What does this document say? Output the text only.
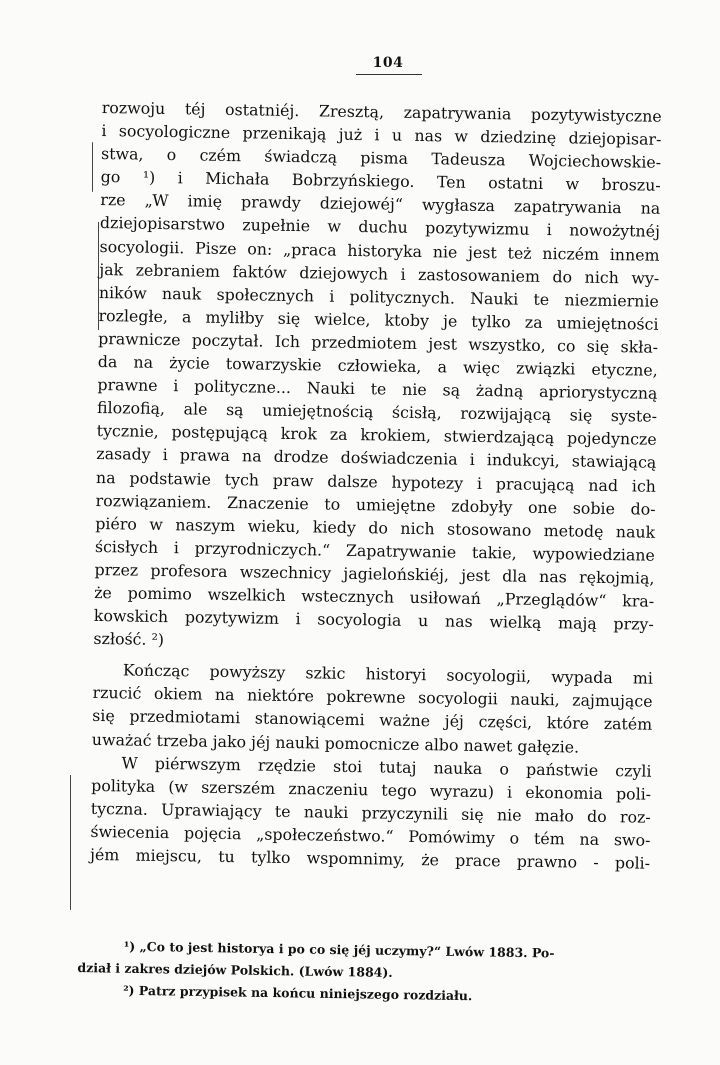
104
rozwoju téj ostatniéj. Zresztą, zapatrywania pozytywistyczne
i socyologiczne przenikają już i u nas w dziedzinę dziejopisar-
stwa, o czém świadczą pisma Tadeusza Wojciechowskie-
go ¹) i Michała Bobrzyńskiego. Ten ostatni w broszu-
rze „W imię prawdy dziejowéj“ wygłasza zapatrywania na
dziejopisarstwo zupełnie w duchu pozytywizmu i nowożytnéj
socyologii. Pisze on: „praca historyka nie jest też niczém innem
jak zebraniem faktów dziejowych i zastosowaniem do nich wy-
ników nauk społecznych i politycznych. Nauki te niezmiernie
rozległe, a myliłby się wielce, ktoby je tylko za umiejętności
prawnicze poczytał. Ich przedmiotem jest wszystko, co się skła-
da na życie towarzyskie człowieka, a więc związki etyczne,
prawne i polityczne... Nauki te nie są żadną apriorystyczną
filozofią, ale są umiejętnością ścisłą, rozwijającą się syste-
tycznie, postępującą krok za krokiem, stwierdzającą pojedyncze
zasady i prawa na drodze doświadczenia i indukcyi, stawiającą
na podstawie tych praw dalsze hypotezy i pracującą nad ich
rozwiązaniem. Znaczenie to umiejętne zdobyły one sobie do-
piéro w naszym wieku, kiedy do nich stosowano metodę nauk
ścisłych i przyrodniczych.“ Zapatrywanie takie, wypowiedziane
przez profesora wszechnicy jagielońskiéj, jest dla nas rękojmią,
że pomimo wszelkich wstecznych usiłowań „Przeglądów“ kra-
kowskich pozytywizm i socyologia u nas wielką mają przy-
szłość. ²)
Kończąc powyższy szkic historyi socyologii, wypada mi
rzucić okiem na niektóre pokrewne socyologii nauki, zajmujące
się przedmiotami stanowiącemi ważne jéj części, które zatém
uważać trzeba jako jéj nauki pomocnicze albo nawet gałęzie.
W piérwszym rzędzie stoi tutaj nauka o państwie czyli
polityka (w szerszém znaczeniu tego wyrazu) i ekonomia poli-
tyczna. Uprawiający te nauki przyczynili się nie mało do roz-
świecenia pojęcia „społeczeństwo.“ Pomówimy o tém na swo-
jém miejscu, tu tylko wspomnimy, że prace prawno - poli-
¹) „Co to jest historya i po co się jéj uczymy?“ Lwów 1883. Po-
dział i zakres dziejów Polskich. (Lwów 1884).
²) Patrz przypisek na końcu niniejszego rozdziału.
